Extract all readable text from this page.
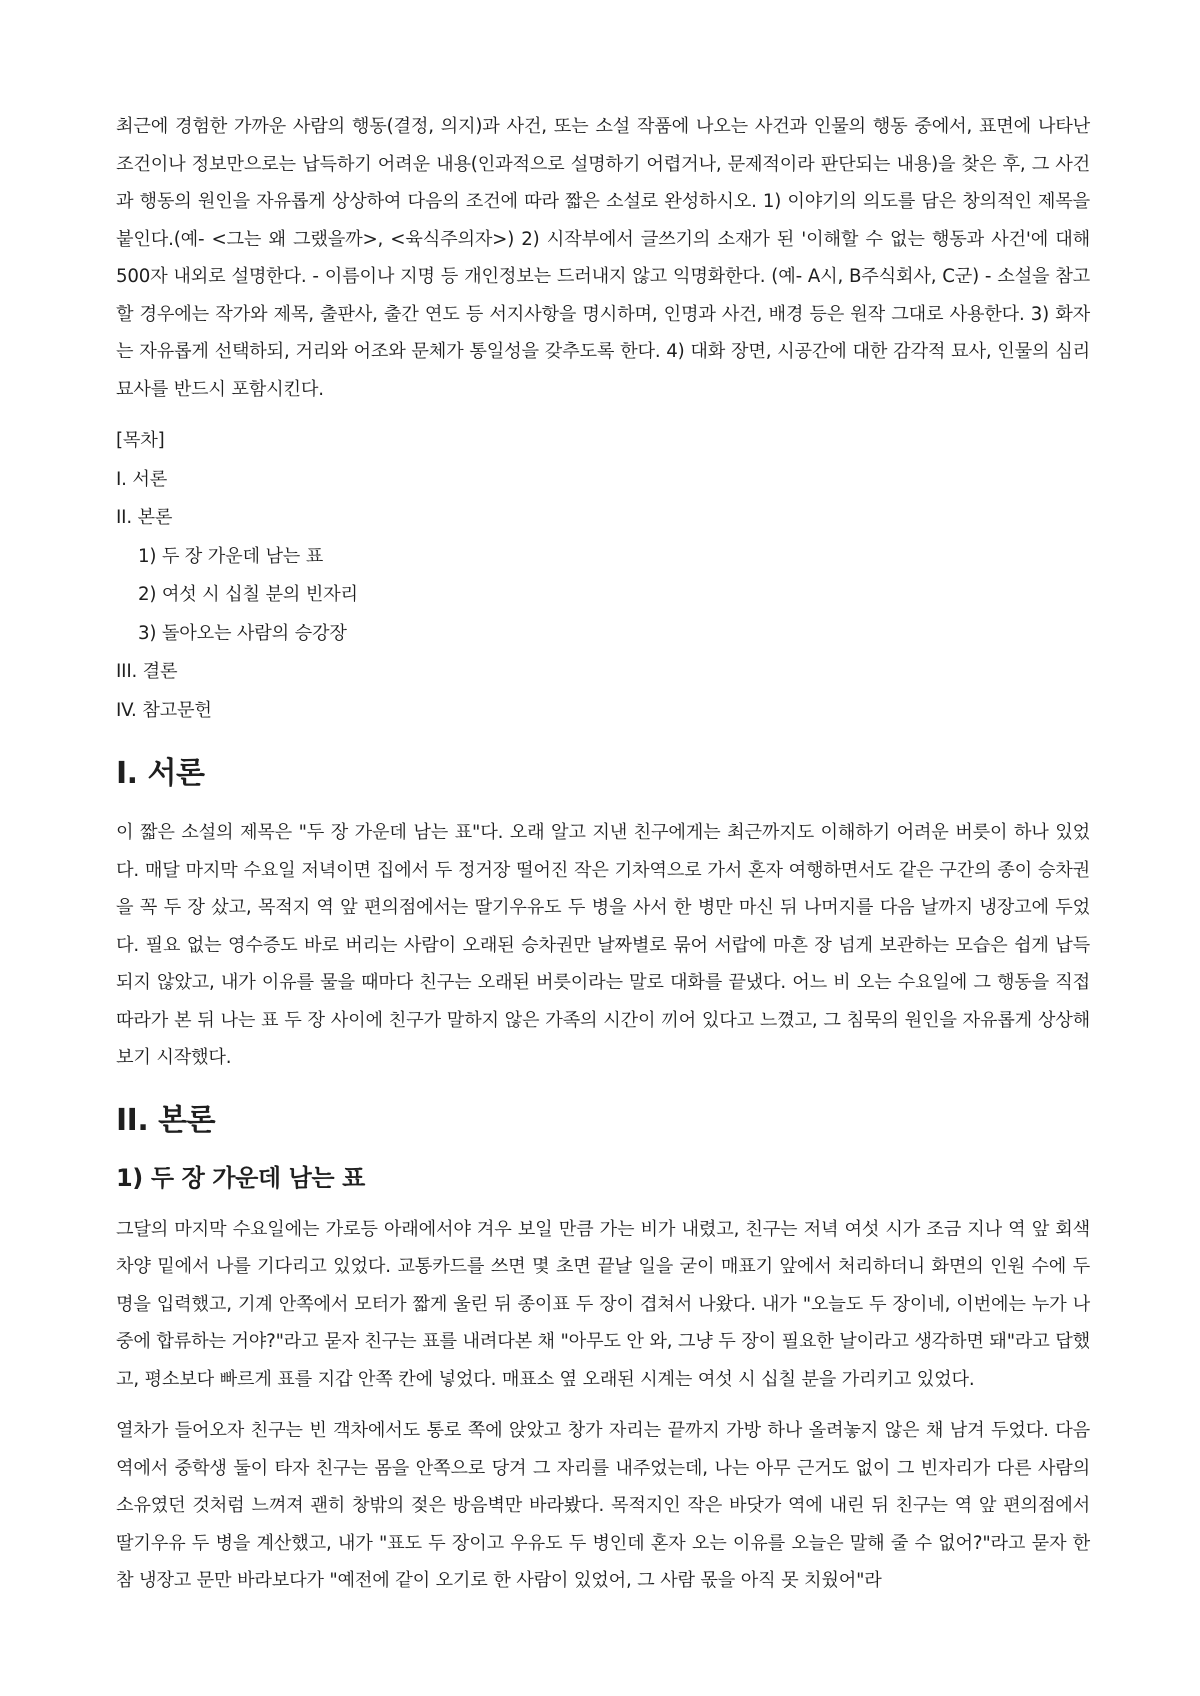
최근에 경험한 가까운 사람의 행동(결정, 의지)과 사건, 또는 소설 작품에 나오는 사건과 인물의 행동 중에서, 표면에 나타난 조건이나 정보만으로는 납득하기 어려운 내용(인과적으로 설명하기 어렵거나, 문제적이라 판단되는 내용)을 찾은 후, 그 사건과 행동의 원인을 자유롭게 상상하여 다음의 조건에 따라 짧은 소설로 완성하시오. 1) 이야기의 의도를 담은 창의적인 제목을 붙인다.(예- <그는 왜 그랬을까>, <육식주의자>) 2) 시작부에서 글쓰기의 소재가 된 '이해할 수 없는 행동과 사건'에 대해 500자 내외로 설명한다. - 이름이나 지명 등 개인정보는 드러내지 않고 익명화한다. (예- A시, B주식회사, C군) - 소설을 참고할 경우에는 작가와 제목, 출판사, 출간 연도 등 서지사항을 명시하며, 인명과 사건, 배경 등은 원작 그대로 사용한다. 3) 화자는 자유롭게 선택하되, 거리와 어조와 문체가 통일성을 갖추도록 한다. 4) 대화 장면, 시공간에 대한 감각적 묘사, 인물의 심리 묘사를 반드시 포함시킨다.

[목차]
I. 서론
II. 본론
1) 두 장 가운데 남는 표
2) 여섯 시 십칠 분의 빈자리
3) 돌아오는 사람의 승강장
III. 결론
IV. 참고문헌
I. 서론

이 짧은 소설의 제목은 "두 장 가운데 남는 표"다. 오래 알고 지낸 친구에게는 최근까지도 이해하기 어려운 버릇이 하나 있었다. 매달 마지막 수요일 저녁이면 집에서 두 정거장 떨어진 작은 기차역으로 가서 혼자 여행하면서도 같은 구간의 종이 승차권을 꼭 두 장 샀고, 목적지 역 앞 편의점에서는 딸기우유도 두 병을 사서 한 병만 마신 뒤 나머지를 다음 날까지 냉장고에 두었다. 필요 없는 영수증도 바로 버리는 사람이 오래된 승차권만 날짜별로 묶어 서랍에 마흔 장 넘게 보관하는 모습은 쉽게 납득되지 않았고, 내가 이유를 물을 때마다 친구는 오래된 버릇이라는 말로 대화를 끝냈다. 어느 비 오는 수요일에 그 행동을 직접 따라가 본 뒤 나는 표 두 장 사이에 친구가 말하지 않은 가족의 시간이 끼어 있다고 느꼈고, 그 침묵의 원인을 자유롭게 상상해 보기 시작했다.

II. 본론
1) 두 장 가운데 남는 표

그달의 마지막 수요일에는 가로등 아래에서야 겨우 보일 만큼 가는 비가 내렸고, 친구는 저녁 여섯 시가 조금 지나 역 앞 회색 차양 밑에서 나를 기다리고 있었다. 교통카드를 쓰면 몇 초면 끝날 일을 굳이 매표기 앞에서 처리하더니 화면의 인원 수에 두 명을 입력했고, 기계 안쪽에서 모터가 짧게 울린 뒤 종이표 두 장이 겹쳐서 나왔다. 내가 "오늘도 두 장이네, 이번에는 누가 나중에 합류하는 거야?"라고 묻자 친구는 표를 내려다본 채 "아무도 안 와, 그냥 두 장이 필요한 날이라고 생각하면 돼"라고 답했고, 평소보다 빠르게 표를 지갑 안쪽 칸에 넣었다. 매표소 옆 오래된 시계는 여섯 시 십칠 분을 가리키고 있었다.

열차가 들어오자 친구는 빈 객차에서도 통로 쪽에 앉았고 창가 자리는 끝까지 가방 하나 올려놓지 않은 채 남겨 두었다. 다음 역에서 중학생 둘이 타자 친구는 몸을 안쪽으로 당겨 그 자리를 내주었는데, 나는 아무 근거도 없이 그 빈자리가 다른 사람의 소유였던 것처럼 느껴져 괜히 창밖의 젖은 방음벽만 바라봤다. 목적지인 작은 바닷가 역에 내린 뒤 친구는 역 앞 편의점에서 딸기우유 두 병을 계산했고, 내가 "표도 두 장이고 우유도 두 병인데 혼자 오는 이유를 오늘은 말해 줄 수 없어?"라고 묻자 한참 냉장고 문만 바라보다가 "예전에 같이 오기로 한 사람이 있었어, 그 사람 몫을 아직 못 치웠어"라
